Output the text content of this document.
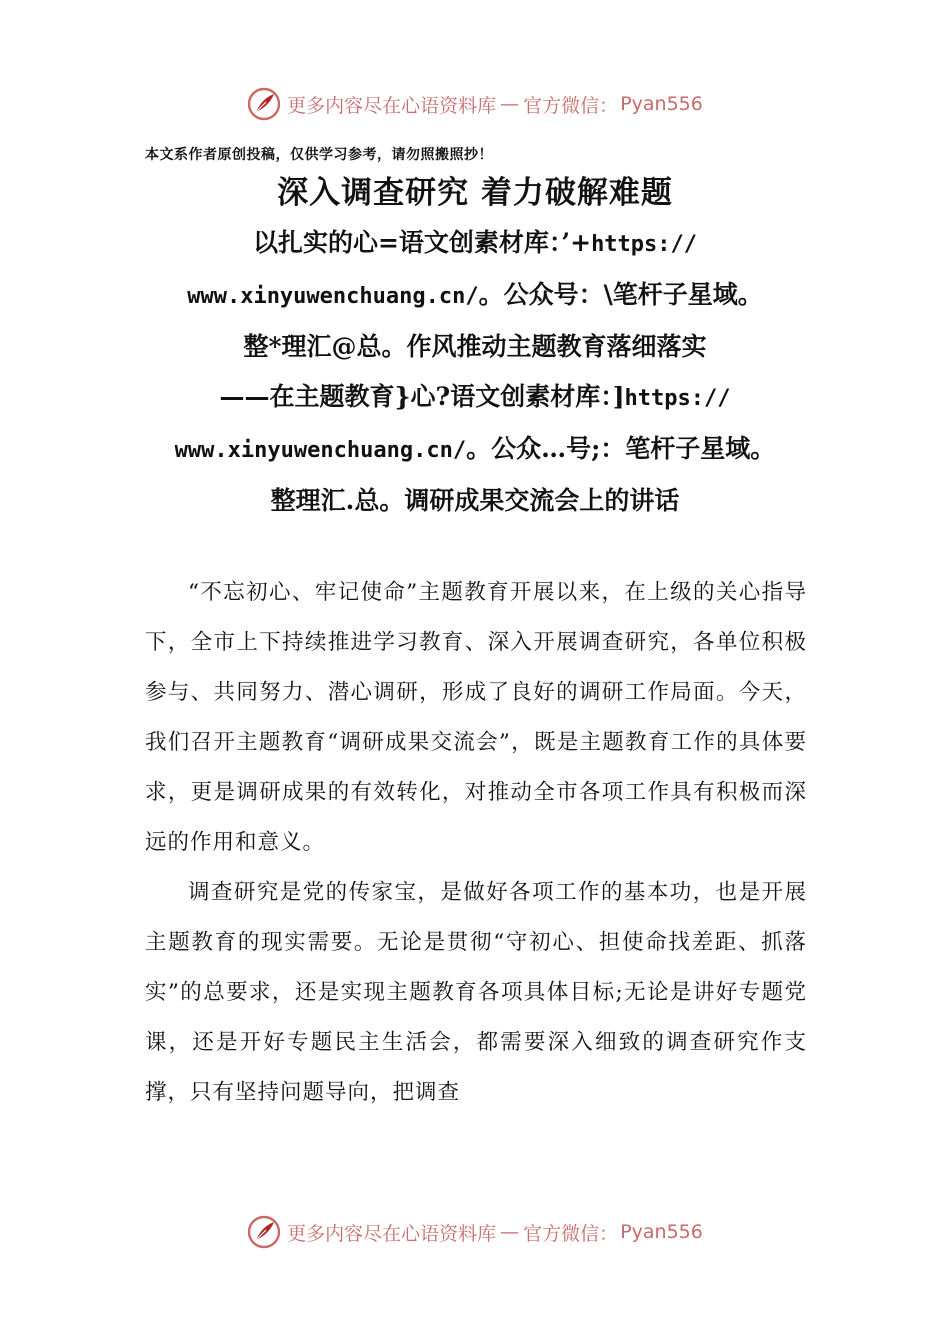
更多内容尽在心语资料库 — 官方微信： Pyan556
本文系作者原创投稿，仅供学习参考，请勿照搬照抄！

深入调查研究 着力破解难题

以扎实的心=语文创素材库：’+https://

www.xinyuwenchuang.cn/。公众号：\笔杆子星域。

整*理汇@总。作风推动主题教育落细落实

——在主题教育}心?语文创素材库：]https://

www.xinyuwenchuang.cn/。公众…号;：笔杆子星域。

整理汇.总。调研成果交流会上的讲话

“不忘初心、牢记使命”主题教育开展以来，在上级的关心指导下，全市上下持续推进学习教育、深入开展调查研究，各单位积极参与、共同努力、潜心调研，形成了良好的调研工作局面。今天，我们召开主题教育“调研成果交流会”，既是主题教育工作的具体要求，更是调研成果的有效转化，对推动全市各项工作具有积极而深远的作用和意义。

调查研究是党的传家宝，是做好各项工作的基本功，也是开展主题教育的现实需要。无论是贯彻“守初心、担使命找差距、抓落实”的总要求，还是实现主题教育各项具体目标;无论是讲好专题党课，还是开好专题民主生活会，都需要深入细致的调查研究作支撑，只有坚持问题导向，把调查

更多内容尽在心语资料库 — 官方微信： Pyan556
